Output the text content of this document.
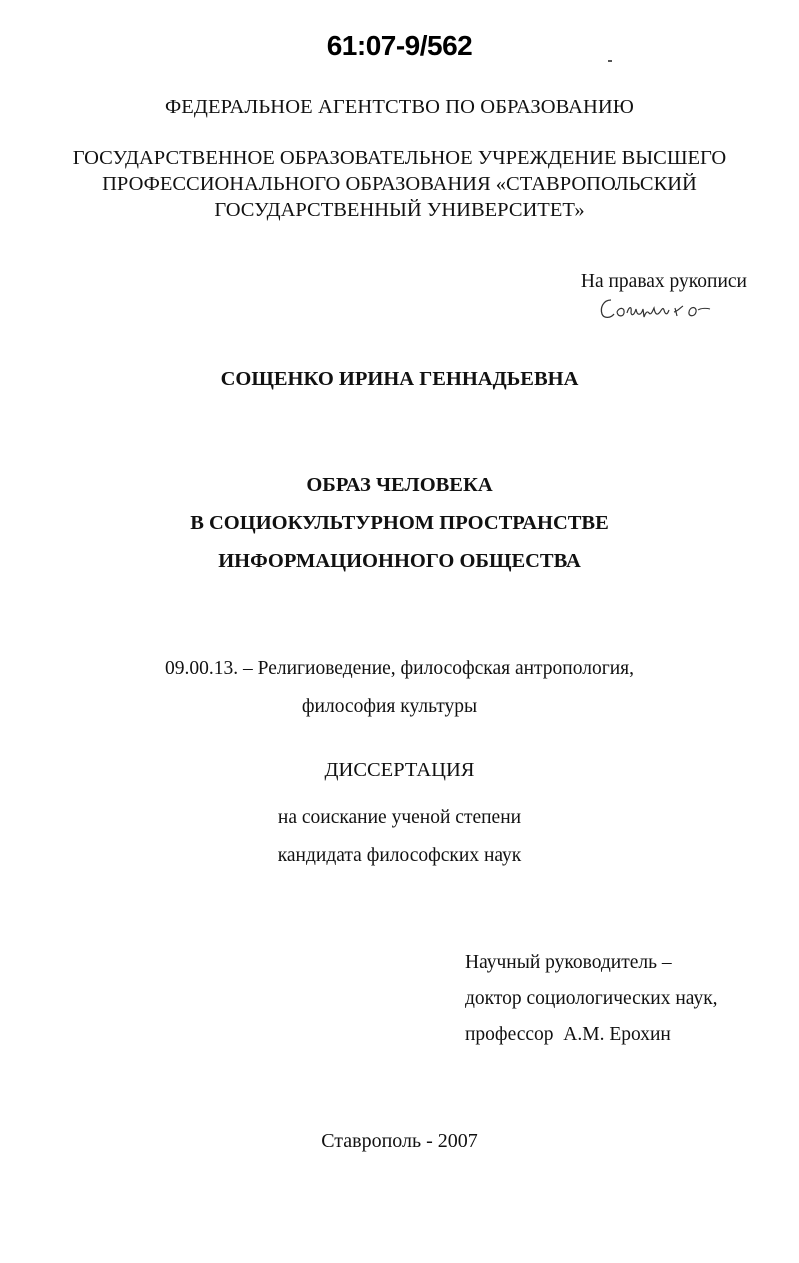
61:07-9/562
ФЕДЕРАЛЬНОЕ АГЕНТСТВО ПО ОБРАЗОВАНИЮ
ГОСУДАРСТВЕННОЕ ОБРАЗОВАТЕЛЬНОЕ УЧРЕЖДЕНИЕ ВЫСШЕГО
ПРОФЕССИОНАЛЬНОГО ОБРАЗОВАНИЯ «СТАВРОПОЛЬСКИЙ
ГОСУДАРСТВЕННЫЙ УНИВЕРСИТЕТ»
На правах рукописи
СОЩЕНКО ИРИНА ГЕННАДЬЕВНА
ОБРАЗ ЧЕЛОВЕКА
В СОЦИОКУЛЬТУРНОМ ПРОСТРАНСТВЕ
ИНФОРМАЦИОННОГО ОБЩЕСТВА
09.00.13. – Религиоведение, философская антропология,
философия культуры
ДИССЕРТАЦИЯ
на соискание ученой степени
кандидата философских наук
Научный руководитель –
доктор социологических наук,
профессор  А.М. Ерохин
Ставрополь - 2007
